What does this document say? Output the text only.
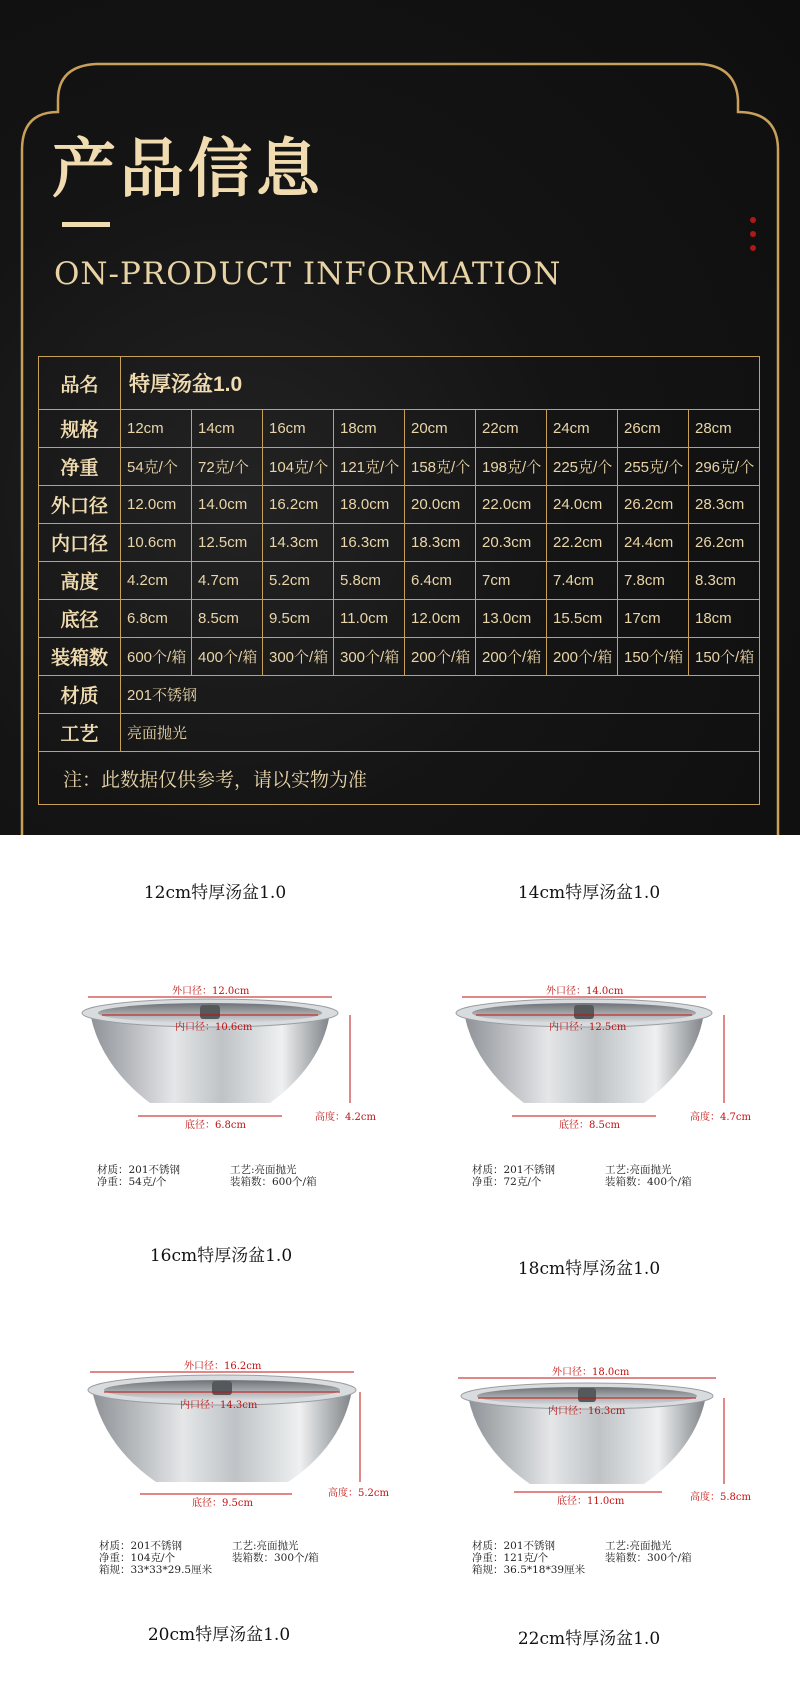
产品信息
ON-PRODUCT INFORMATION
品名	特厚汤盆1.0								
规格	12cm	14cm	16cm	18cm	20cm	22cm	24cm	26cm	28cm
净重	54克/个	72克/个	104克/个	121克/个	158克/个	198克/个	225克/个	255克/个	296克/个
外口径	12.0cm	14.0cm	16.2cm	18.0cm	20.0cm	22.0cm	24.0cm	26.2cm	28.3cm
内口径	10.6cm	12.5cm	14.3cm	16.3cm	18.3cm	20.3cm	22.2cm	24.4cm	26.2cm
高度	4.2cm	4.7cm	5.2cm	5.8cm	6.4cm	7cm	7.4cm	7.8cm	8.3cm
底径	6.8cm	8.5cm	9.5cm	11.0cm	12.0cm	13.0cm	15.5cm	17cm	18cm
装箱数	600个/箱	400个/箱	300个/箱	300个/箱	200个/箱	200个/箱	200个/箱	150个/箱	150个/箱
材质	201不锈钢								
工艺	亮面抛光								
注：此数据仅供参考，请以实物为准									
12cm特厚汤盆1.0
外口径：12.0cm
内口径：10.6cm
底径：6.8cm
高度：4.2cm
材质：201不锈钢
净重：54克/个
工艺:亮面抛光
装箱数：600个/箱
14cm特厚汤盆1.0
外口径：14.0cm
内口径：12.5cm
底径：8.5cm
高度：4.7cm
材质：201不锈钢
净重：72克/个
工艺:亮面抛光
装箱数：400个/箱
16cm特厚汤盆1.0
外口径：16.2cm
内口径：14.3cm
底径：9.5cm
高度：5.2cm
材质：201不锈钢
净重：104克/个
箱规：33*33*29.5厘米
工艺:亮面抛光
装箱数：300个/箱
18cm特厚汤盆1.0
外口径：18.0cm
内口径：16.3cm
底径：11.0cm	高度：5.8cm
材质：201不锈钢
净重：121克/个
箱规：36.5*18*39厘米
工艺:亮面抛光
装箱数：300个/箱
20cm特厚汤盆1.0	22cm特厚汤盆1.0
